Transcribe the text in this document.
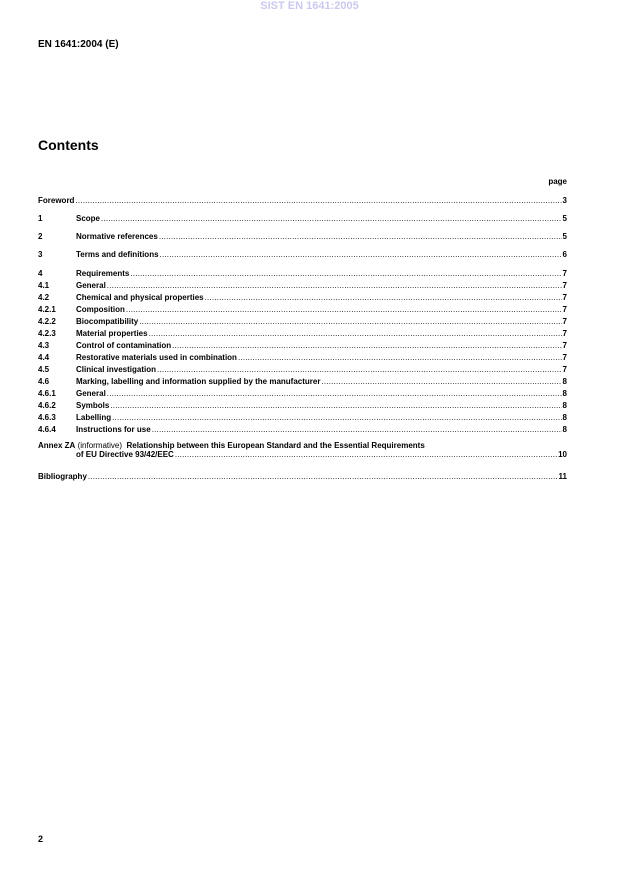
SIST EN 1641:2005
EN 1641:2004 (E)
Contents
page
Foreword .....	3
1	Scope .....	5
2	Normative references .....	5
3	Terms and definitions .....	6
4	Requirements .....	7
4.1	General .....	7
4.2	Chemical and physical properties .....	7
4.2.1	Composition .....	7
4.2.2	Biocompatibility .....	7
4.2.3	Material properties .....	7
4.3	Control of contamination .....	7
4.4	Restorative materials used in combination .....	7
4.5	Clinical investigation .....	7
4.6	Marking, labelling and information supplied by the manufacturer .....	8
4.6.1	General .....	8
4.6.2	Symbols .....	8
4.6.3	Labelling .....	8
4.6.4	Instructions for use .....	8
Annex ZA
(informative)
Relationship between this European Standard and the Essential Requirements
of EU Directive 93/42/EEC .....	10
Bibliography .....	11
2
